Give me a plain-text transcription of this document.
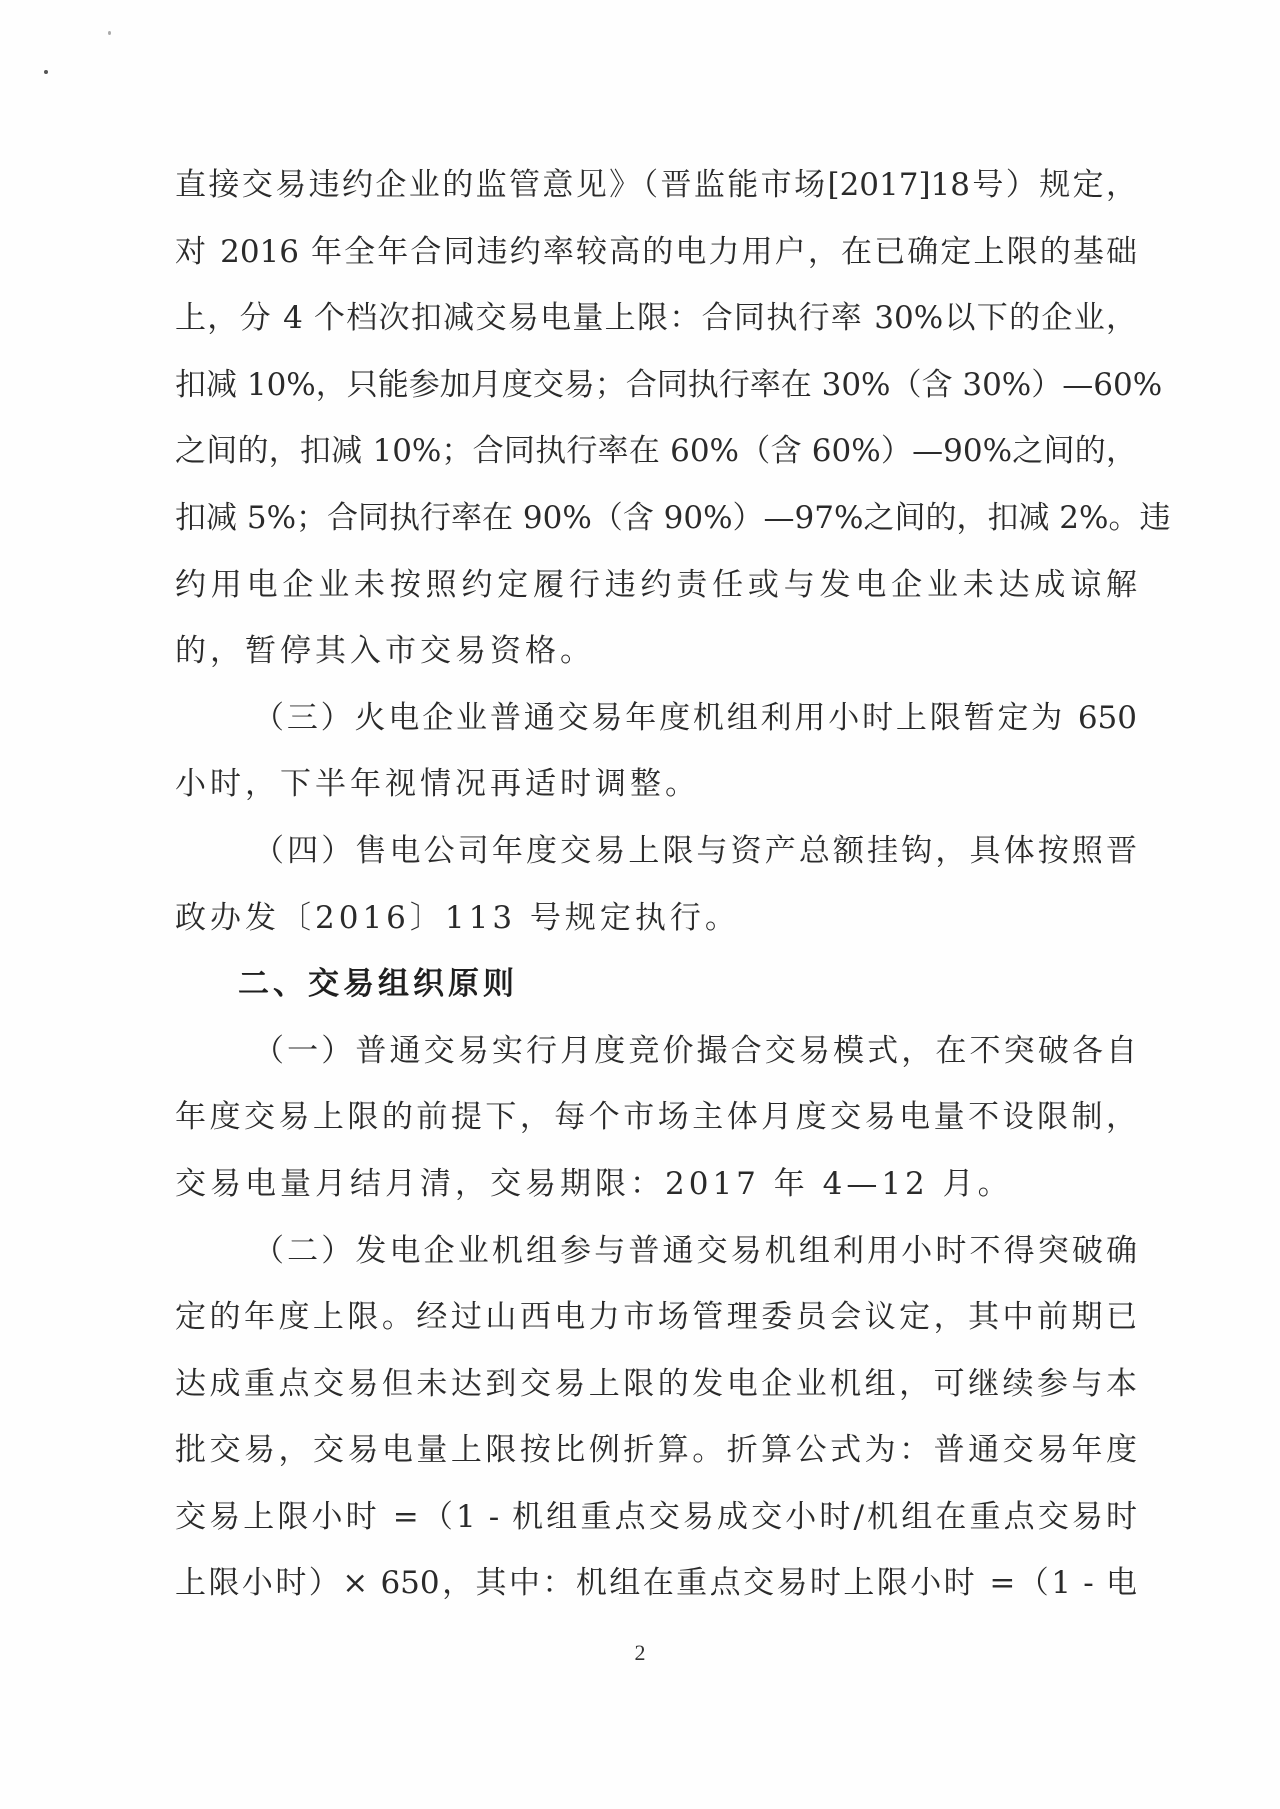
直接交易违约企业的监管意见》（晋监能市场[2017]18号）规定，
对 2016 年全年合同违约率较高的电力用户，在已确定上限的基础
上，分 4 个档次扣减交易电量上限：合同执行率 30%以下的企业，
扣减 10%，只能参加月度交易；合同执行率在 30%（含 30%）—60%
之间的，扣减 10%；合同执行率在 60%（含 60%）—90%之间的，
扣减 5%；合同执行率在 90%（含 90%）—97%之间的，扣减 2%。违
约用电企业未按照约定履行违约责任或与发电企业未达成谅解
的，暂停其入市交易资格。
（三）火电企业普通交易年度机组利用小时上限暂定为 650
小时，下半年视情况再适时调整。
（四）售电公司年度交易上限与资产总额挂钩，具体按照晋
政办发〔2016〕113 号规定执行。
二、交易组织原则
（一）普通交易实行月度竞价撮合交易模式，在不突破各自
年度交易上限的前提下，每个市场主体月度交易电量不设限制，
交易电量月结月清，交易期限：2017 年 4—12 月。
（二）发电企业机组参与普通交易机组利用小时不得突破确
定的年度上限。经过山西电力市场管理委员会议定，其中前期已
达成重点交易但未达到交易上限的发电企业机组，可继续参与本
批交易，交易电量上限按比例折算。折算公式为：普通交易年度
交易上限小时 =（1 - 机组重点交易成交小时/机组在重点交易时
上限小时）× 650，其中：机组在重点交易时上限小时 =（1 - 电
2
